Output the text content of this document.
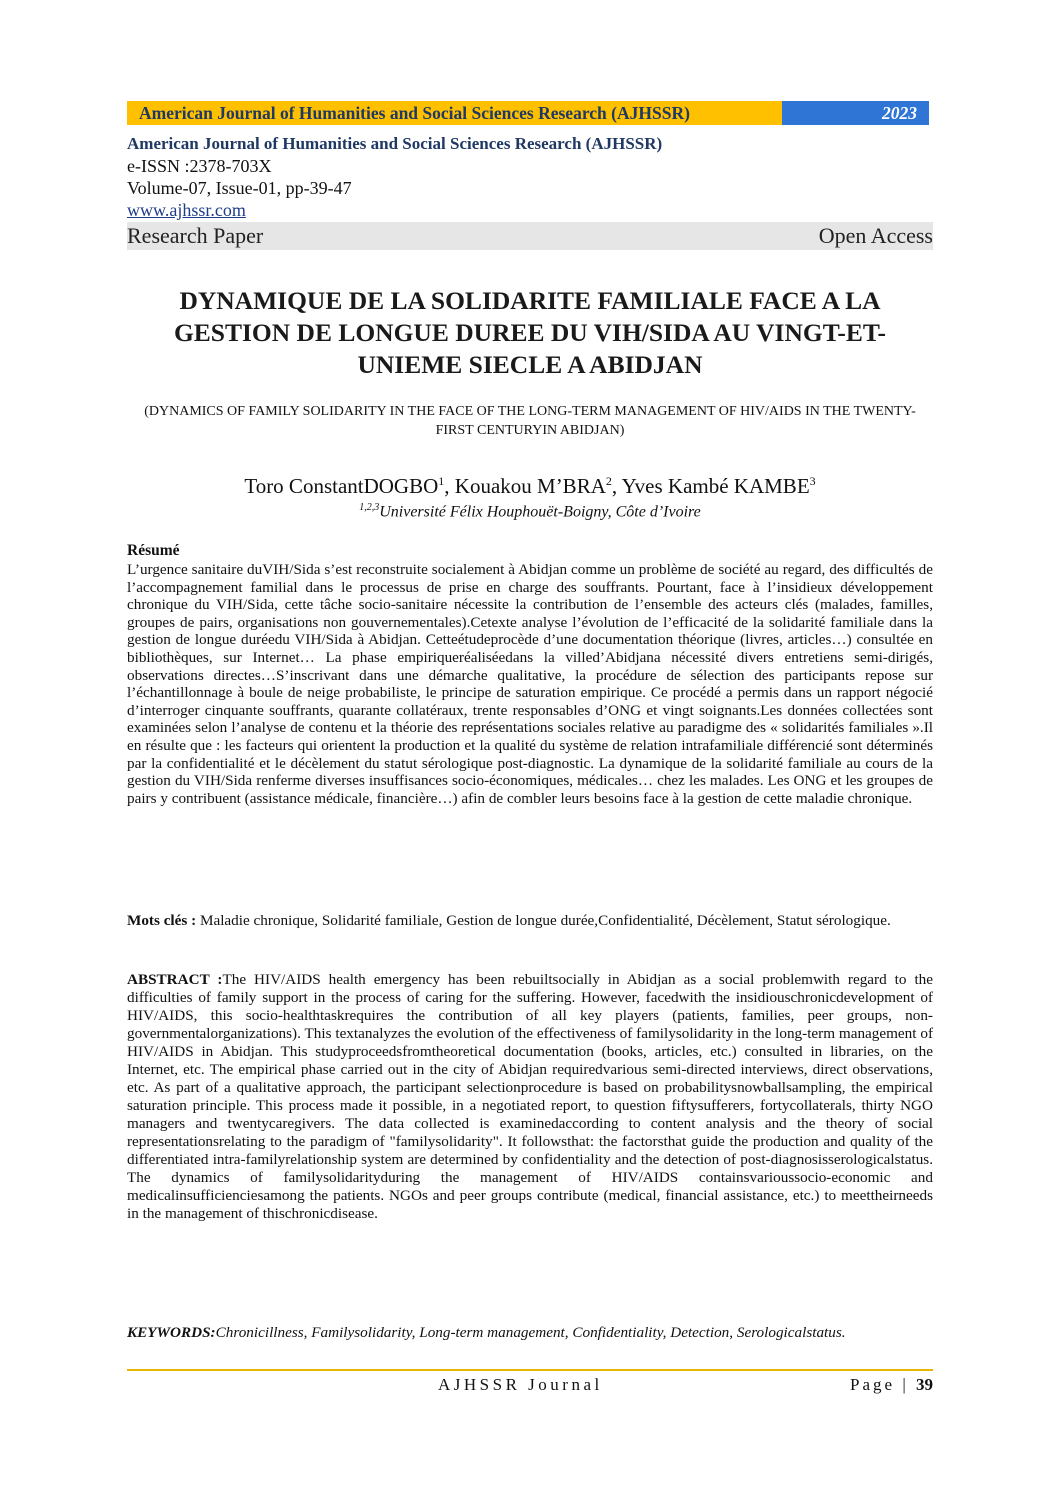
American Journal of Humanities and Social Sciences Research (AJHSSR)	2023
American Journal of Humanities and Social Sciences Research (AJHSSR)
e-ISSN :2378-703X
Volume-07, Issue-01, pp-39-47
www.ajhssr.com
Research Paper	Open Access
DYNAMIQUE DE LA SOLIDARITE FAMILIALE FACE A LA GESTION DE LONGUE DUREE DU VIH/SIDA AU VINGT-ET-UNIEME SIECLE A ABIDJAN
(DYNAMICS OF FAMILY SOLIDARITY IN THE FACE OF THE LONG-TERM MANAGEMENT OF HIV/AIDS IN THE TWENTY-FIRST CENTURYIN ABIDJAN)
Toro ConstantDOGBO$^1$, Kouakou M’BRA$^2$, Yves Kambé KAMBE$^3$
$^{1,2,3}$Université Félix Houphouët-Boigny, Côte d’Ivoire
Résumé
L’urgence sanitaire duVIH/Sida s’est reconstruite socialement à Abidjan comme un problème de société au regard, des difficultés de l’accompagnement familial dans le processus de prise en charge des souffrants. Pourtant, face à l’insidieux développement chronique du VIH/Sida, cette tâche socio-sanitaire nécessite la contribution de l’ensemble des acteurs clés (malades, familles, groupes de pairs, organisations non gouvernementales).Cetexte analyse l’évolution de l’efficacité de la solidarité familiale dans la gestion de longue duréedu VIH/Sida à Abidjan. Cetteétudeprocède d’une documentation théorique (livres, articles…) consultée en bibliothèques, sur Internet… La phase empiriqueréaliséedans la villed’Abidjana nécessité divers entretiens semi-dirigés, observations directes…S’inscrivant dans une démarche qualitative, la procédure de sélection des participants repose sur l’échantillonnage à boule de neige probabiliste, le principe de saturation empirique. Ce procédé a permis dans un rapport négocié d’interroger cinquante souffrants, quarante collatéraux, trente responsables d’ONG et vingt soignants.Les données collectées sont examinées selon l’analyse de contenu et la théorie des représentations sociales relative au paradigme des « solidarités familiales ».Il en résulte que : les facteurs qui orientent la production et la qualité du système de relation intrafamiliale différencié sont déterminés par la confidentialité et le décèlement du statut sérologique post-diagnostic. La dynamique de la solidarité familiale au cours de la gestion du VIH/Sida renferme diverses insuffisances socio-économiques, médicales… chez les malades. Les ONG et les groupes de pairs y contribuent (assistance médicale, financière…) afin de combler leurs besoins face à la gestion de cette maladie chronique.
Mots clés : Maladie chronique, Solidarité familiale, Gestion de longue durée,Confidentialité, Décèlement, Statut sérologique.
ABSTRACT :The HIV/AIDS health emergency has been rebuiltsocially in Abidjan as a social problemwith regard to the difficulties of family support in the process of caring for the suffering. However, facedwith the insidiouschronicdevelopment of HIV/AIDS, this socio-healthtaskrequires the contribution of all key players (patients, families, peer groups, non-governmentalorganizations). This textanalyzes the evolution of the effectiveness of familysolidarity in the long-term management of HIV/AIDS in Abidjan. This studyproceedsfromtheoretical documentation (books, articles, etc.) consulted in libraries, on the Internet, etc. The empirical phase carried out in the city of Abidjan requiredvarious semi-directed interviews, direct observations, etc. As part of a qualitative approach, the participant selectionprocedure is based on probabilitysnowballsampling, the empirical saturation principle. This process made it possible, in a negotiated report, to question fiftysufferers, fortycollaterals, thirty NGO managers and twentycaregivers. The data collected is examinedaccording to content analysis and the theory of social representationsrelating to the paradigm of "familysolidarity". It followsthat: the factorsthat guide the production and quality of the differentiated intra-familyrelationship system are determined by confidentiality and the detection of post-diagnosisserologicalstatus. The dynamics of familysolidarityduring the management of HIV/AIDS containsvarioussocio-economic and medicalinsufficienciesamong the patients. NGOs and peer groups contribute (medical, financial assistance, etc.) to meettheirneeds in the management of thischronicdisease.
KEYWORDS:Chronicillness, Familysolidarity, Long-term management, Confidentiality, Detection, Serologicalstatus.
AJHSSR Journal	Page | 39
